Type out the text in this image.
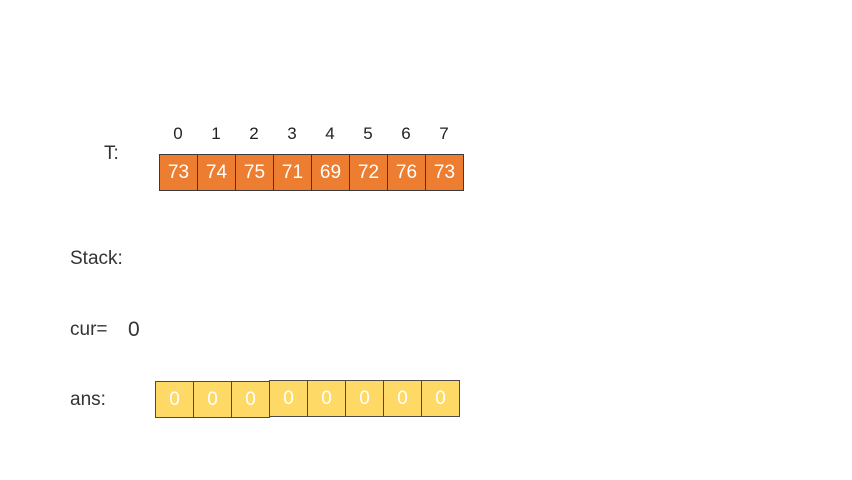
T:
0	1	2	3	4	5	6	7
73 74 75 71 69 72 76 73
Stack:
cur= 0
ans:	0	0	0	0	0	0	0	0
